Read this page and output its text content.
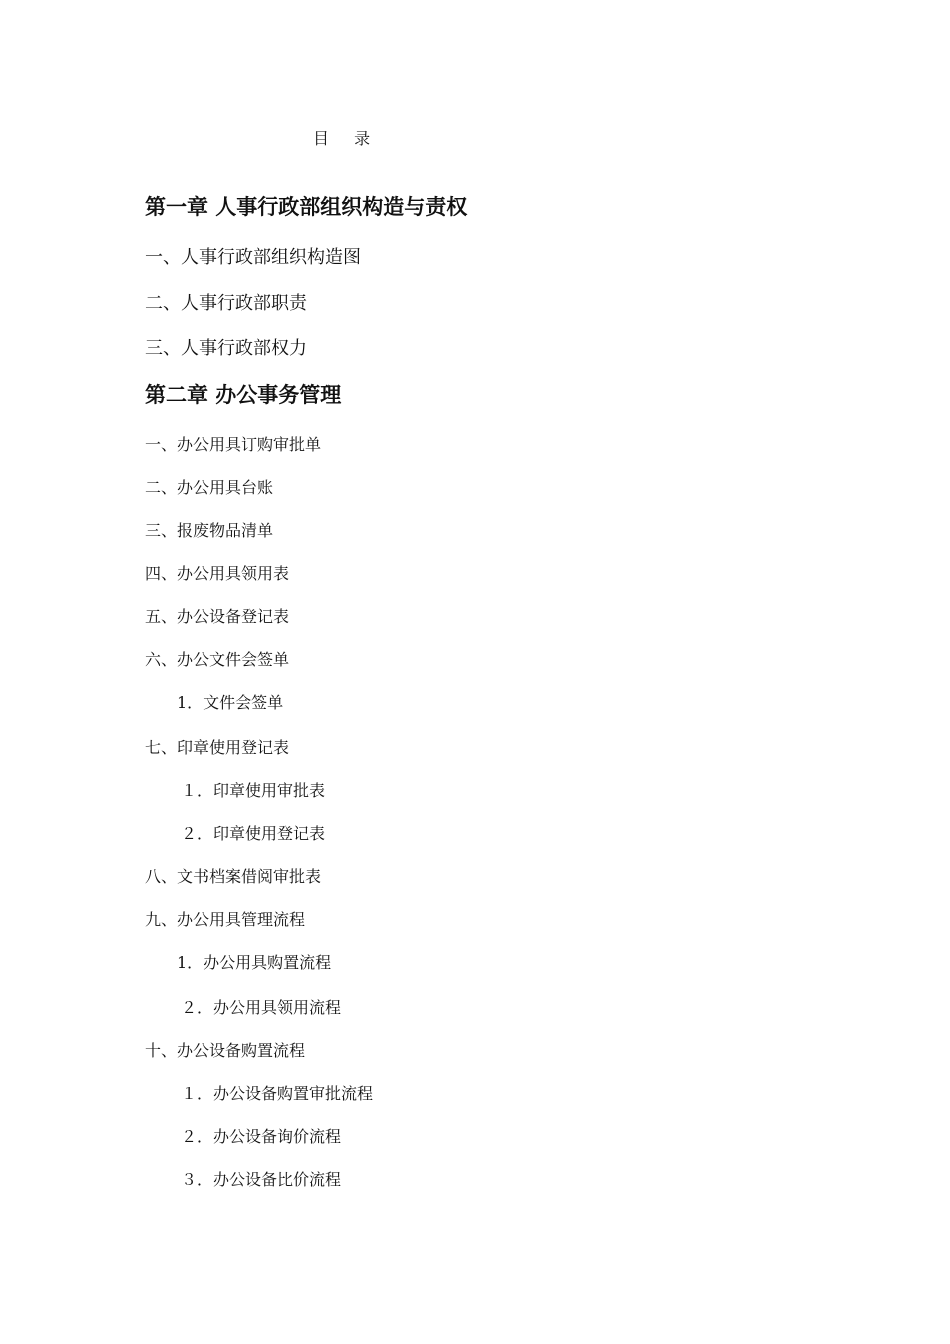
目 录
第一章 人事行政部组织构造与责权
一、人事行政部组织构造图
二、人事行政部职责
三、人事行政部权力
第二章 办公事务管理
一、办公用具订购审批单
二、办公用具台账
三、报废物品清单
四、办公用具领用表
五、办公设备登记表
六、办公文件会签单
1．文件会签单
七、印章使用登记表
１．印章使用审批表
２．印章使用登记表
八、文书档案借阅审批表
九、办公用具管理流程
1．办公用具购置流程
２．办公用具领用流程
十、办公设备购置流程
１．办公设备购置审批流程
２．办公设备询价流程
３．办公设备比价流程
